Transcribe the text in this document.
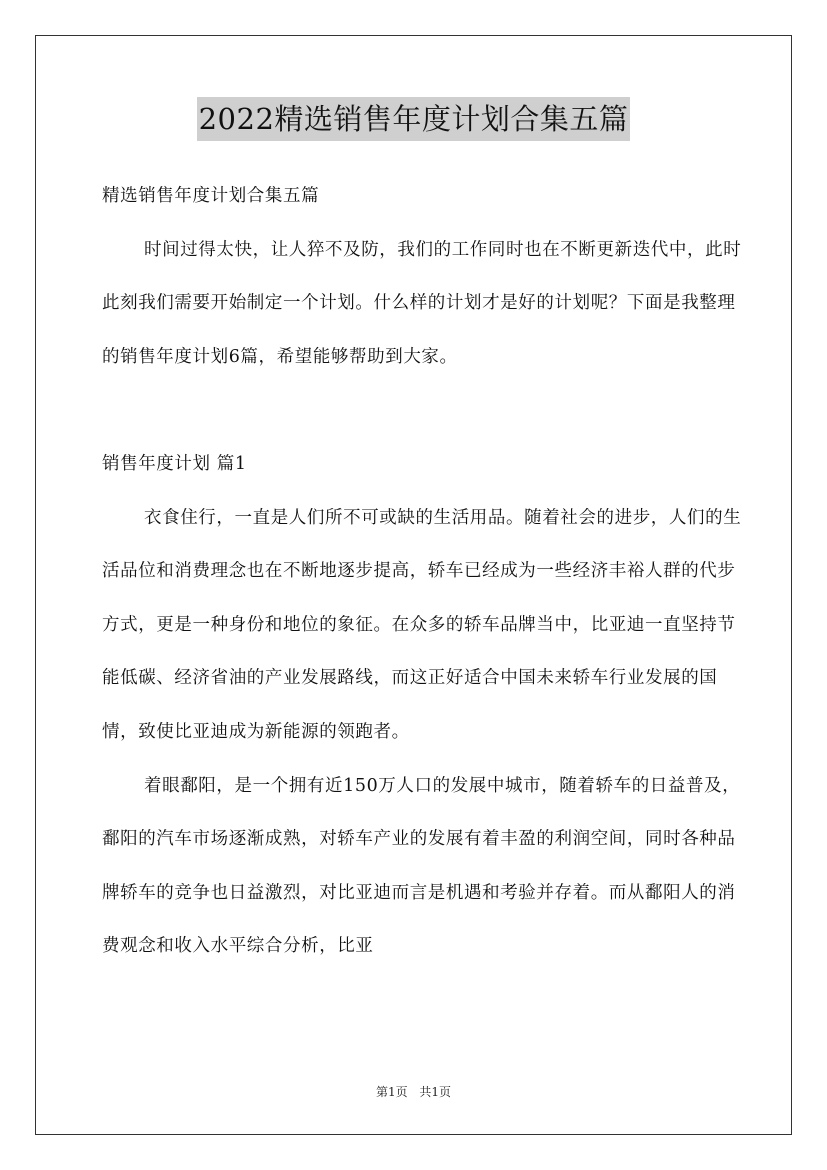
2022精选销售年度计划合集五篇

精选销售年度计划合集五篇

时间过得太快，让人猝不及防，我们的工作同时也在不断更新迭代中，此时此刻我们需要开始制定一个计划。什么样的计划才是好的计划呢？下面是我整理的销售年度计划6篇，希望能够帮助到大家。

销售年度计划 篇1

衣食住行，一直是人们所不可或缺的生活用品。随着社会的进步，人们的生活品位和消费理念也在不断地逐步提高，轿车已经成为一些经济丰裕人群的代步方式，更是一种身份和地位的象征。在众多的轿车品牌当中，比亚迪一直坚持节能低碳、经济省油的产业发展路线，而这正好适合中国未来轿车行业发展的国情，致使比亚迪成为新能源的领跑者。

着眼鄱阳，是一个拥有近150万人口的发展中城市，随着轿车的日益普及，鄱阳的汽车市场逐渐成熟，对轿车产业的发展有着丰盈的利润空间，同时各种品牌轿车的竞争也日益激烈，对比亚迪而言是机遇和考验并存着。而从鄱阳人的消费观念和收入水平综合分析，比亚

第1页 共1页
